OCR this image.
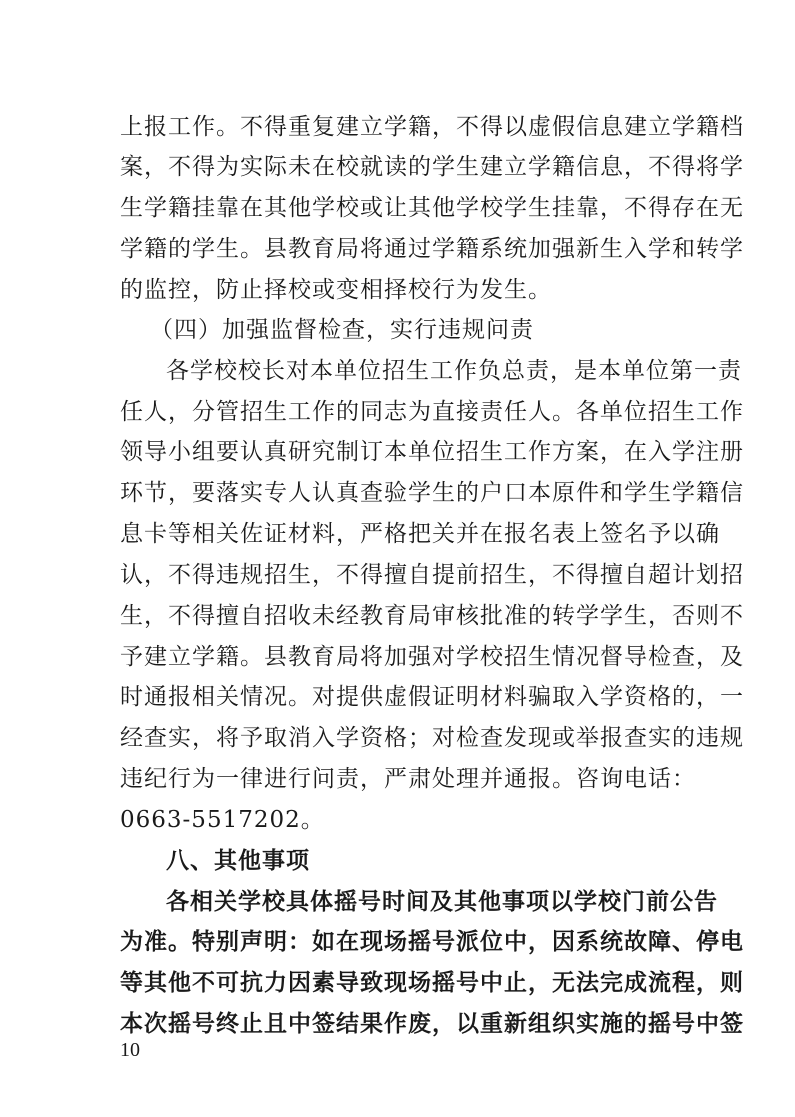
上报工作。不得重复建立学籍，不得以虚假信息建立学籍档
案，不得为实际未在校就读的学生建立学籍信息，不得将学
生学籍挂靠在其他学校或让其他学校学生挂靠，不得存在无
学籍的学生。县教育局将通过学籍系统加强新生入学和转学
的监控，防止择校或变相择校行为发生。
（四）加强监督检查，实行违规问责
各学校校长对本单位招生工作负总责，是本单位第一责
任人，分管招生工作的同志为直接责任人。各单位招生工作
领导小组要认真研究制订本单位招生工作方案，在入学注册
环节，要落实专人认真查验学生的户口本原件和学生学籍信
息卡等相关佐证材料，严格把关并在报名表上签名予以确
认，不得违规招生，不得擅自提前招生，不得擅自超计划招
生，不得擅自招收未经教育局审核批准的转学学生，否则不
予建立学籍。县教育局将加强对学校招生情况督导检查，及
时通报相关情况。对提供虚假证明材料骗取入学资格的，一
经查实，将予取消入学资格；对检查发现或举报查实的违规
违纪行为一律进行问责，严肃处理并通报。咨询电话：
0663-5517202。
八、其他事项
各相关学校具体摇号时间及其他事项以学校门前公告
为准。特别声明：如在现场摇号派位中，因系统故障、停电
等其他不可抗力因素导致现场摇号中止，无法完成流程，则
本次摇号终止且中签结果作废，以重新组织实施的摇号中签
10
